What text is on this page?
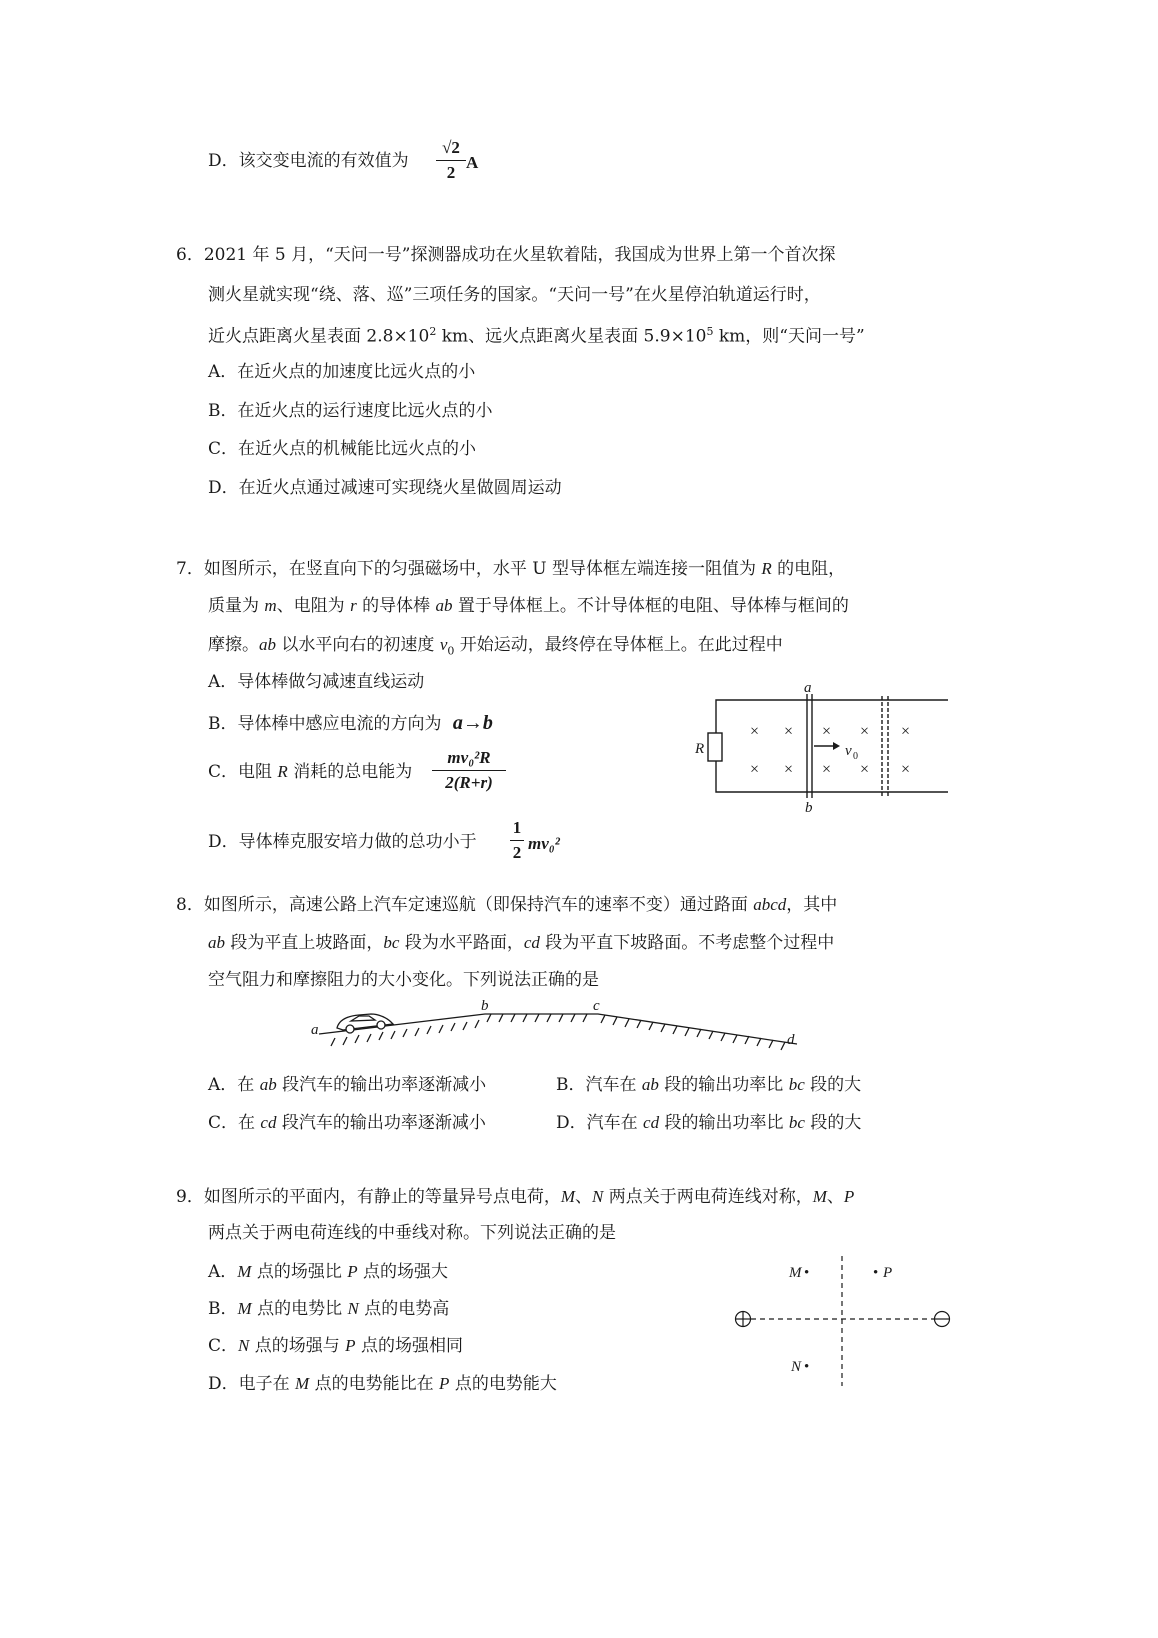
D．该交变电流的有效值为
√2
2
A
6．2021 年 5 月，“天问一号”探测器成功在火星软着陆，我国成为世界上第一个首次探
测火星就实现“绕、落、巡”三项任务的国家。“天问一号”在火星停泊轨道运行时，
近火点距离火星表面 $2.8\times 10^2$ km、远火点距离火星表面 $5.9\times 10^5$ km，则“天问一号”
A．在近火点的加速度比远火点的小
B．在近火点的运行速度比远火点的小
C．在近火点的机械能比远火点的小
D．在近火点通过减速可实现绕火星做圆周运动
7．如图所示，在竖直向下的匀强磁场中，水平 U 型导体框左端连接一阻值为 R 的电阻，
质量为 m、电阻为 r 的导体棒 ab 置于导体框上。不计导体框的电阻、导体棒与框间的
摩擦。ab 以水平向右的初速度 $v_0$ 开始运动，最终停在导体框上。在此过程中
A．导体棒做匀减速直线运动
B．导体棒中感应电流的方向为 a→b
C．电阻 R 消耗的总电能为
mv₀²R
2(R+r)
D．导体棒克服安培力做的总功小于
1
2 mv₀²
× × × × ×
× × × × ×
a
b
R	v 0
8．如图所示，高速公路上汽车定速巡航（即保持汽车的速率不变）通过路面 abcd，其中
ab 段为平直上坡路面，bc 段为水平路面，cd 段为平直下坡路面。不考虑整个过程中
空气阻力和摩擦阻力的大小变化。下列说法正确的是
a
b	c
d
A．在 ab 段汽车的输出功率逐渐减小	B．汽车在 ab 段的输出功率比 bc 段的大
C．在 cd 段汽车的输出功率逐渐减小	D．汽车在 cd 段的输出功率比 bc 段的大
9．如图所示的平面内，有静止的等量异号点电荷，M、N 两点关于两电荷连线对称，M、P
两点关于两电荷连线的中垂线对称。下列说法正确的是
A．M 点的场强比 P 点的场强大
B．M 点的电势比 N 点的电势高
C．N 点的场强与 P 点的场强相同
D．电子在 M 点的电势能比在 P 点的电势能大
M •	• P
N •
